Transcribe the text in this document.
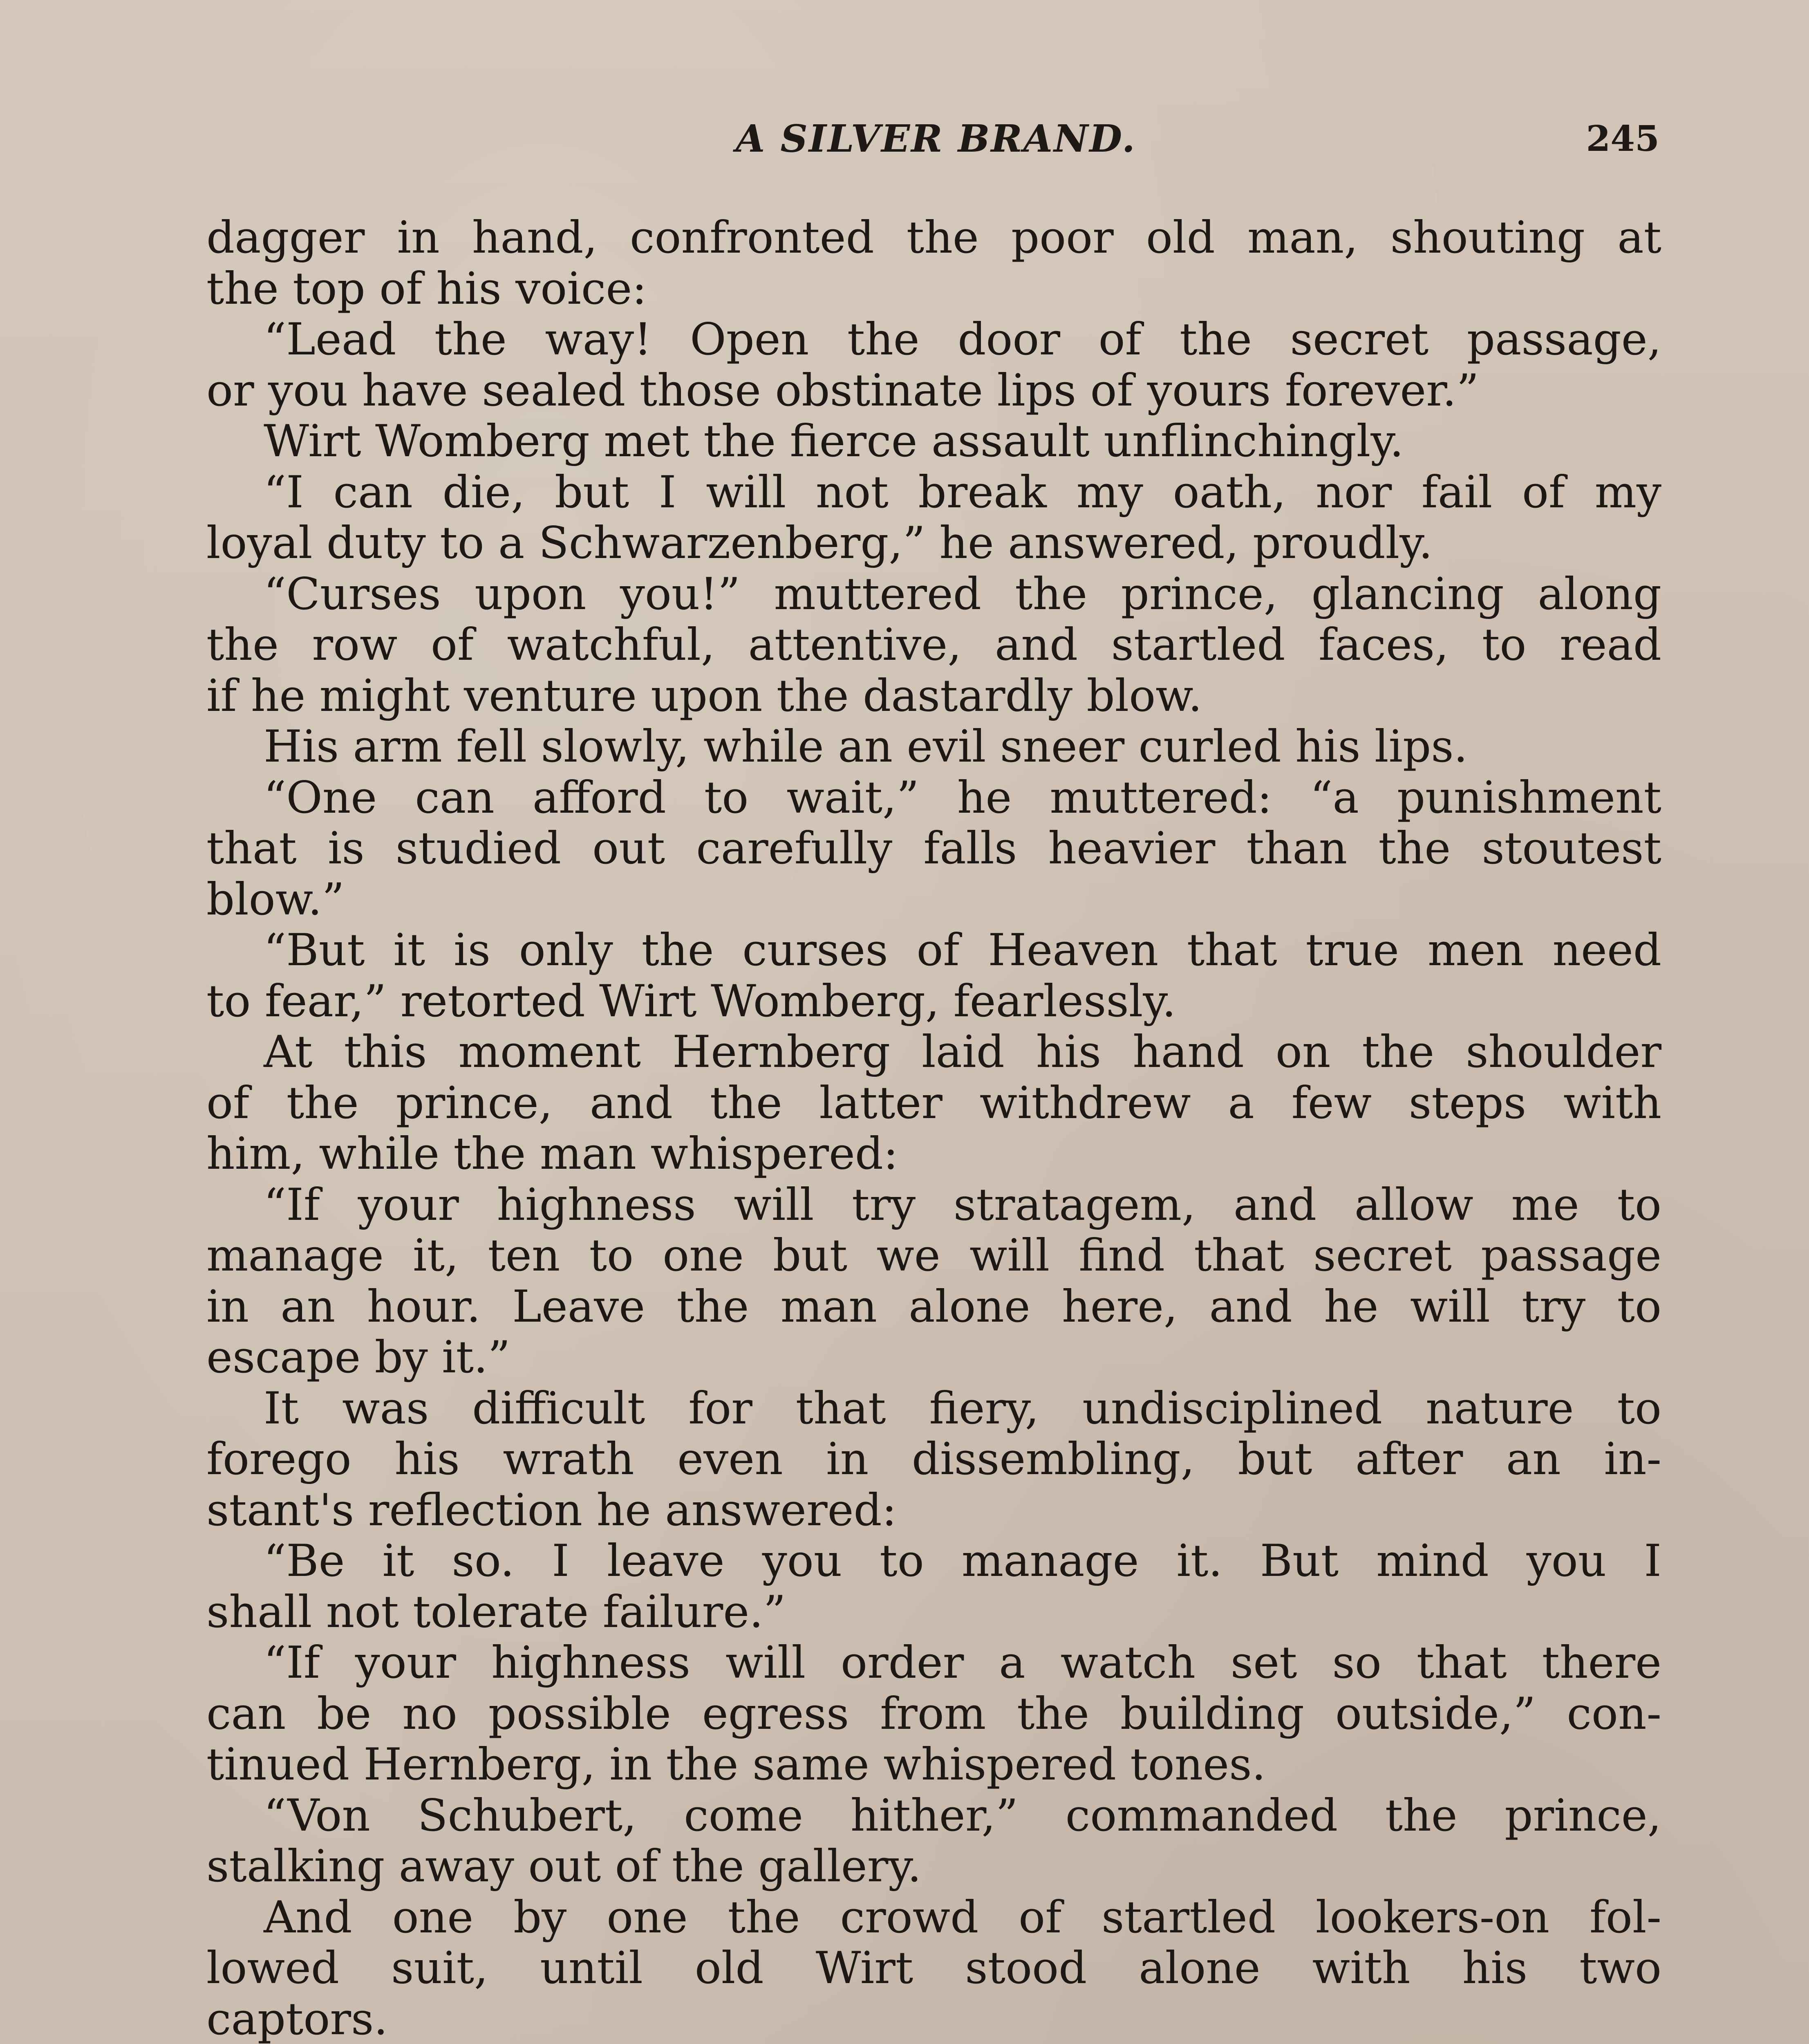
A SILVER BRAND.	245
dagger in hand, confronted the poor old man, shouting at
the top of his voice:
“Lead the way! Open the door of the secret passage,
or you have sealed those obstinate lips of yours forever.”
Wirt Womberg met the fierce assault unflinchingly.
“I can die, but I will not break my oath, nor fail of my
loyal duty to a Schwarzenberg,” he answered, proudly.
“Curses upon you!” muttered the prince, glancing along
the row of watchful, attentive, and startled faces, to read
if he might venture upon the dastardly blow.
His arm fell slowly, while an evil sneer curled his lips.
“One can afford to wait,” he muttered: “a punishment
that is studied out carefully falls heavier than the stoutest
blow.”
“But it is only the curses of Heaven that true men need
to fear,” retorted Wirt Womberg, fearlessly.
At this moment Hernberg laid his hand on the shoulder
of the prince, and the latter withdrew a few steps with
him, while the man whispered:
“If your highness will try stratagem, and allow me to
manage it, ten to one but we will find that secret passage
in an hour. Leave the man alone here, and he will try to
escape by it.”
It was difficult for that fiery, undisciplined nature to
forego his wrath even in dissembling, but after an in-
stant's reflection he answered:
“Be it so. I leave you to manage it. But mind you I
shall not tolerate failure.”
“If your highness will order a watch set so that there
can be no possible egress from the building outside,” con-
tinued Hernberg, in the same whispered tones.
“Von Schubert, come hither,” commanded the prince,
stalking away out of the gallery.
And one by one the crowd of startled lookers-on fol-
lowed suit, until old Wirt stood alone with his two
captors.
